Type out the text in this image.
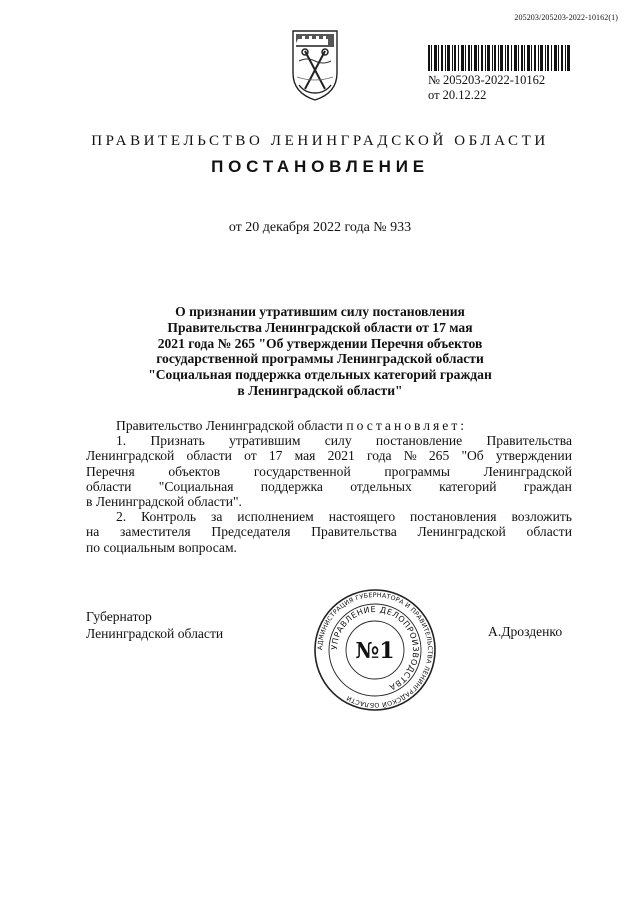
205203/205203-2022-10162(1)
№ 205203-2022-10162
от 20.12.22
ПРАВИТЕЛЬСТВО ЛЕНИНГРАДСКОЙ ОБЛАСТИ
ПОСТАНОВЛЕНИЕ
от 20 декабря 2022 года № 933
О признании утратившим силу постановления
Правительства Ленинградской области от 17 мая
2021 года № 265 "Об утверждении Перечня объектов
государственной программы Ленинградской области
"Социальная поддержка отдельных категорий граждан
в Ленинградской области"
Правительство Ленинградской области постановляет:
1. Признать утратившим силу постановление Правительства
Ленинградской области от 17 мая 2021 года № 265 "Об утверждении
Перечня объектов государственной программы Ленинградской
области "Социальная поддержка отдельных категорий граждан
в Ленинградской области".
2. Контроль за исполнением настоящего постановления возложить
на заместителя Председателя Правительства Ленинградской области
по социальным вопросам.
Губернатор
Ленинградской области
АДМИНИСТРАЦИЯ ГУБЕРНАТОРА И ПРАВИТЕЛЬСТВА ЛЕНИНГРАДСКОЙ ОБЛАСТИ
УПРАВЛЕНИЕ ДЕЛОПРОИЗВОДСТВА
№1
А.Дрозденко
